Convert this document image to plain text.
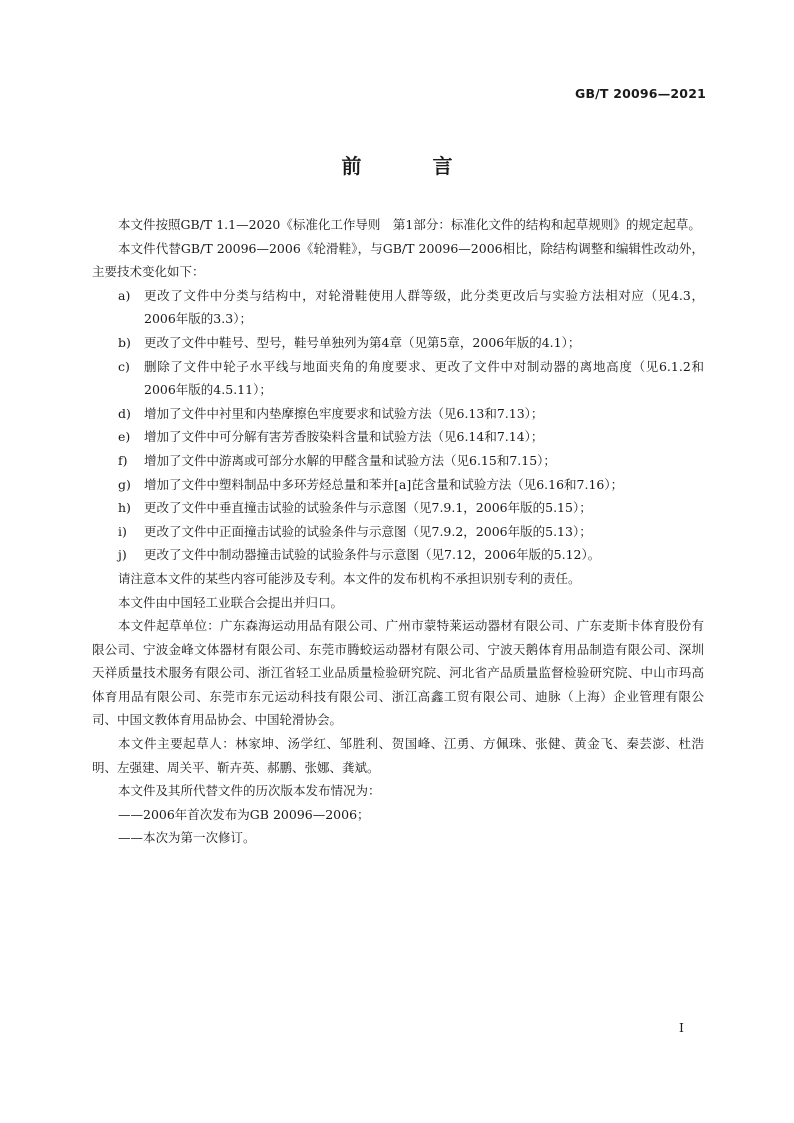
GB/T 20096—2021
前 言

本文件按照GB/T 1.1—2020《标准化工作导则　第1部分：标准化文件的结构和起草规则》的规定起草。

本文件代替GB/T 20096—2006《轮滑鞋》，与GB/T 20096—2006相比，除结构调整和编辑性改动外，主要技术变化如下：

a)	更改了文件中分类与结构中，对轮滑鞋使用人群等级，此分类更改后与实验方法相对应（见4.3，2006年版的3.3）；
b)	更改了文件中鞋号、型号，鞋号单独列为第4章（见第5章，2006年版的4.1）；
c)	删除了文件中轮子水平线与地面夹角的角度要求、更改了文件中对制动器的离地高度（见6.1.2和2006年版的4.5.11）；
d)	增加了文件中衬里和内垫摩擦色牢度要求和试验方法（见6.13和7.13）；
e)	增加了文件中可分解有害芳香胺染料含量和试验方法（见6.14和7.14）；
f)	增加了文件中游离或可部分水解的甲醛含量和试验方法（见6.15和7.15）；
g)	增加了文件中塑料制品中多环芳烃总量和苯并[a]芘含量和试验方法（见6.16和7.16）；
h)	更改了文件中垂直撞击试验的试验条件与示意图（见7.9.1，2006年版的5.15）；
i)	更改了文件中正面撞击试验的试验条件与示意图（见7.9.2，2006年版的5.13）；
j)	更改了文件中制动器撞击试验的试验条件与示意图（见7.12，2006年版的5.12）。

请注意本文件的某些内容可能涉及专利。本文件的发布机构不承担识别专利的责任。

本文件由中国轻工业联合会提出并归口。

本文件起草单位：广东森海运动用品有限公司、广州市蒙特莱运动器材有限公司、广东麦斯卡体育股份有限公司、宁波金峰文体器材有限公司、东莞市腾蛟运动器材有限公司、宁波天鹅体育用品制造有限公司、深圳天祥质量技术服务有限公司、浙江省轻工业品质量检验研究院、河北省产品质量监督检验研究院、中山市玛高体育用品有限公司、东莞市东元运动科技有限公司、浙江高鑫工贸有限公司、迪脉（上海）企业管理有限公司、中国文教体育用品协会、中国轮滑协会。

本文件主要起草人：林家坤、汤学红、邹胜利、贺国峰、江勇、方佩珠、张健、黄金飞、秦芸澎、杜浩明、左强建、周关平、靳卉英、郝鹏、张娜、龚斌。

本文件及其所代替文件的历次版本发布情况为：

——2006年首次发布为GB 20096—2006；

——本次为第一次修订。

I
